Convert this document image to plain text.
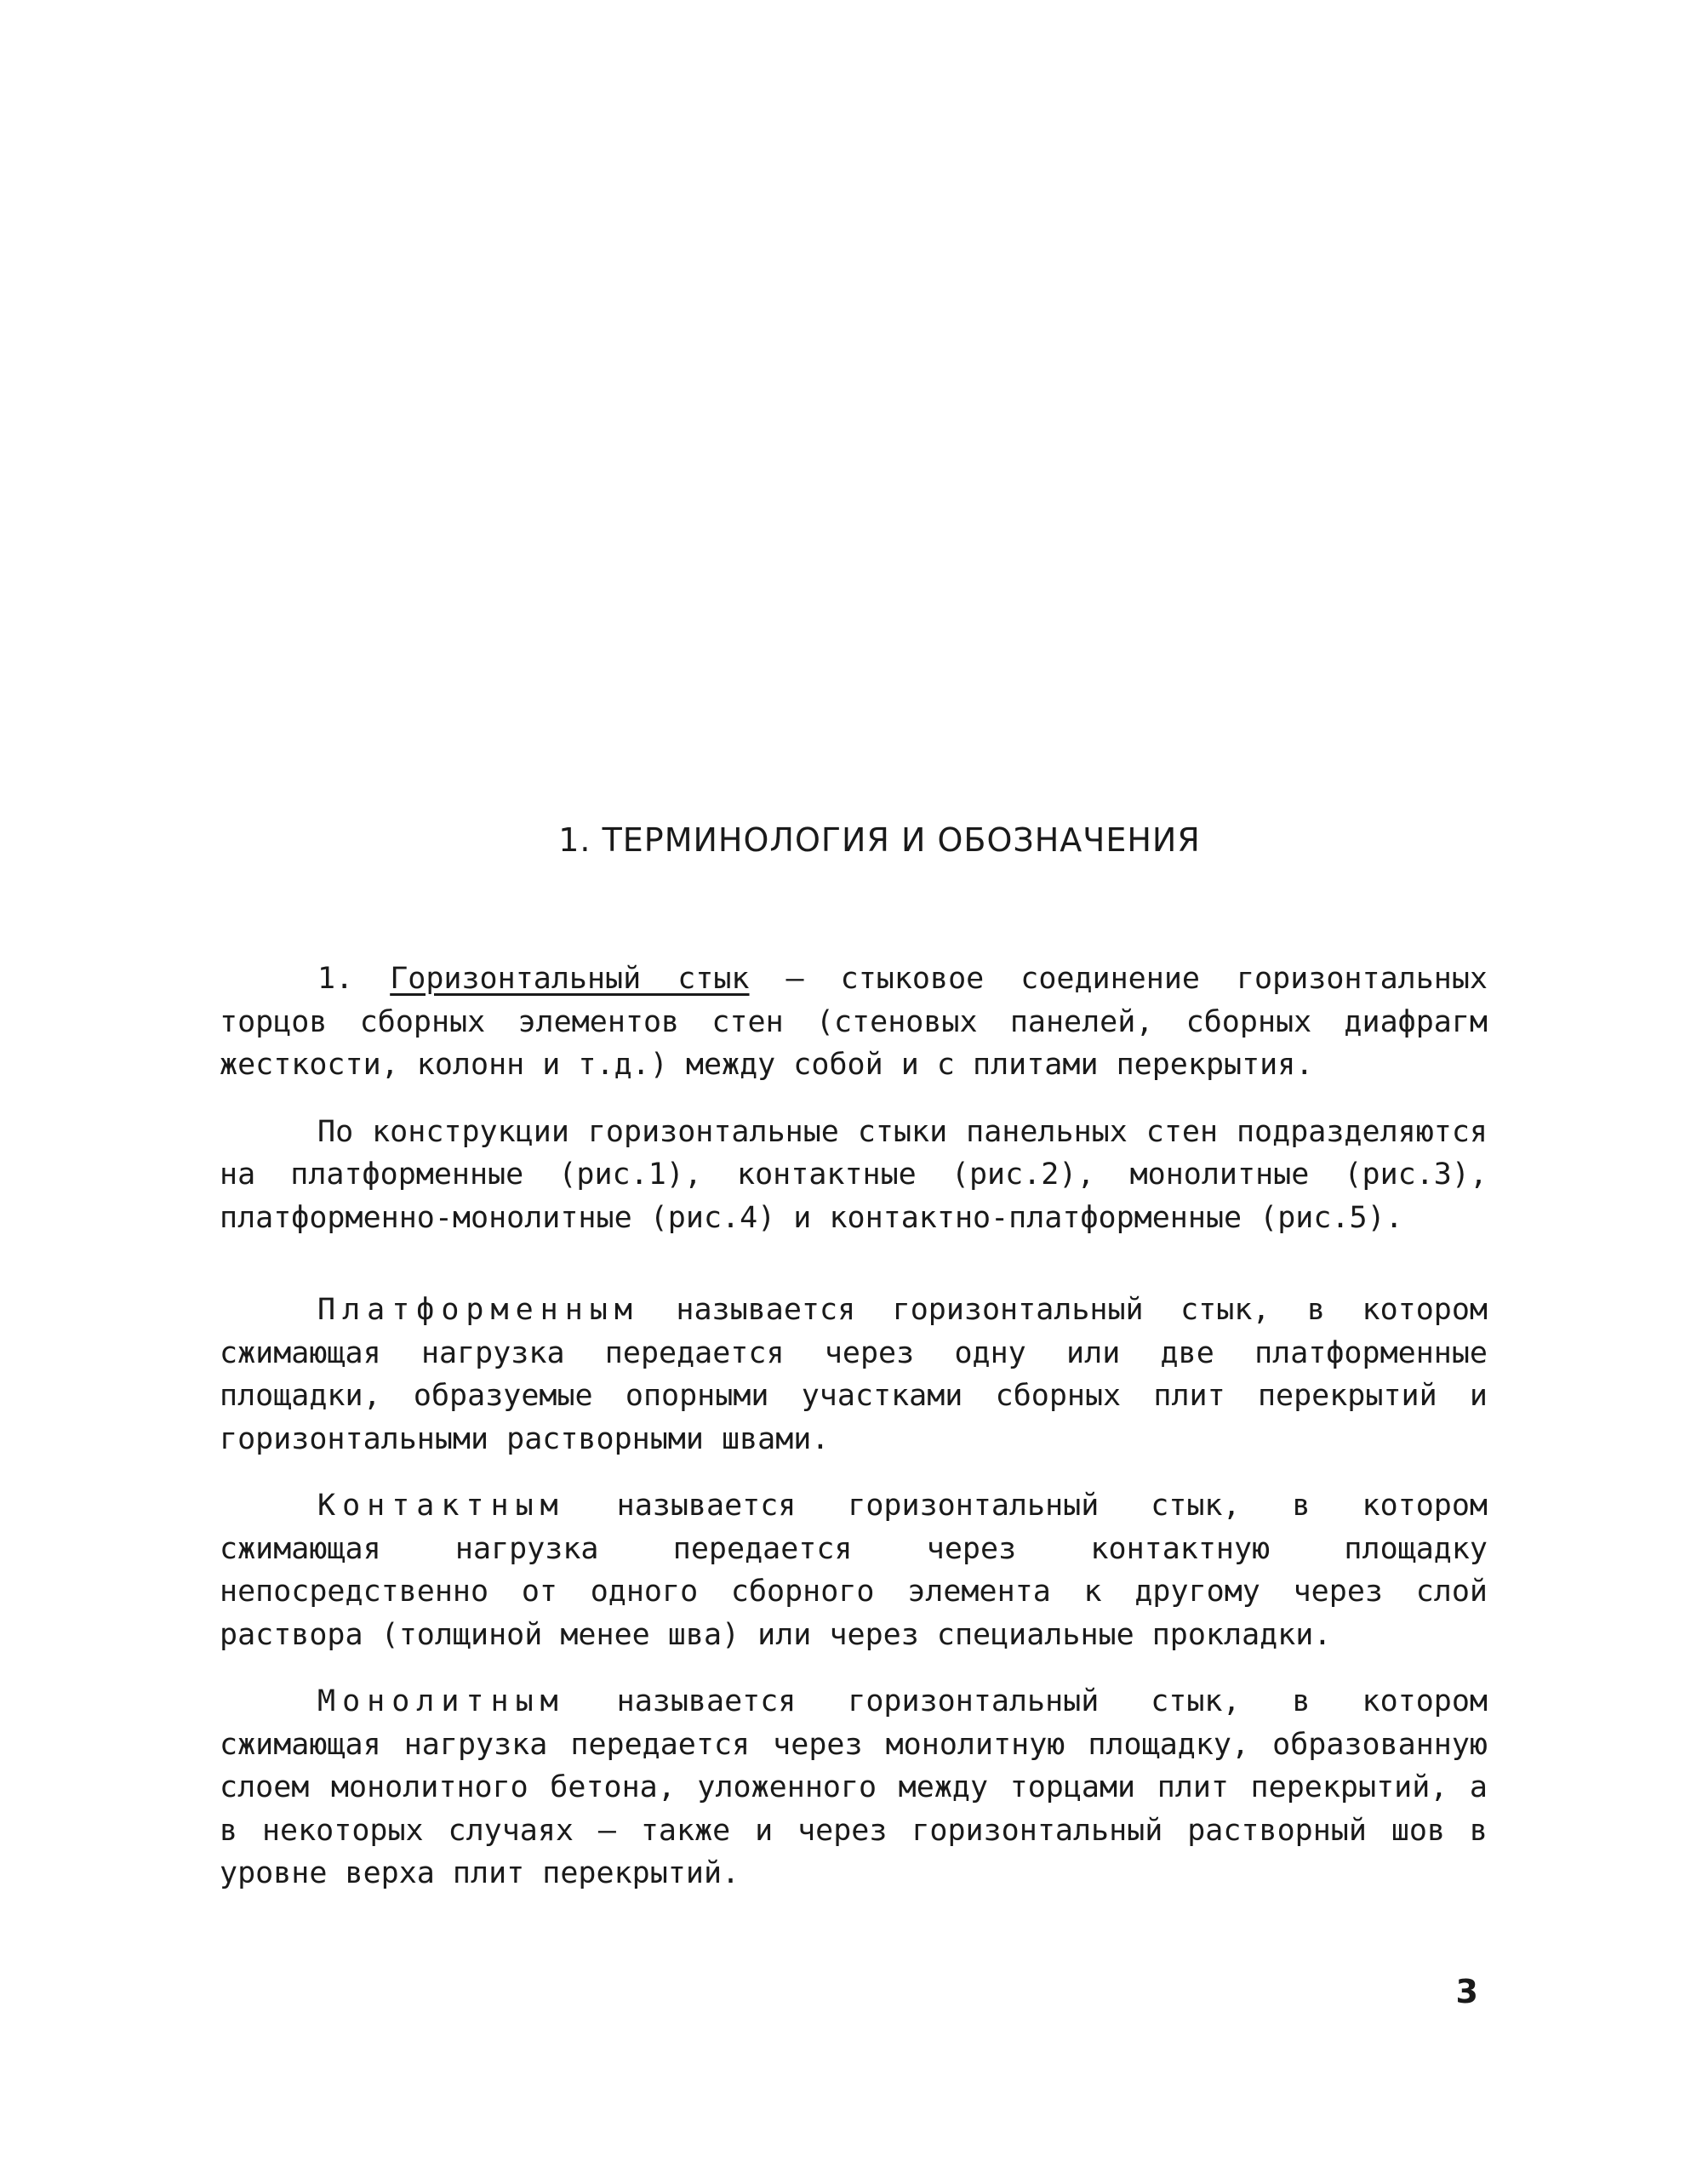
1. ТЕРМИНОЛОГИЯ И ОБОЗНАЧЕНИЯ

1. Горизонтальный стык – стыковое соединение горизонтальных торцов сборных элементов стен (стеновых панелей, сборных диафрагм жесткости, колонн и т.д.) между собой и с плитами перекрытия.

По конструкции горизонтальные стыки панельных стен подразделяются на платформенные (рис.1), контактные (рис.2), монолитные (рис.3), платформенно-монолитные (рис.4) и контактно-платформенные (рис.5).

Платформенным называется горизонтальный стык, в котором сжимающая нагрузка передается через одну или две платформенные площадки, образуемые опорными участками сборных плит перекрытий и горизонтальными растворными швами.

Контактным называется горизонтальный стык, в котором сжимающая нагрузка передается через контактную площадку непосредственно от одного сборного элемента к другому через слой раствора (толщиной менее шва) или через специальные прокладки.

Монолитным называется горизонтальный стык, в котором сжимающая нагрузка передается через монолитную площадку, образованную слоем монолитного бетона, уложенного между торцами плит перекрытий, а в некоторых случаях – также и через горизонтальный растворный шов в уровне верха плит перекрытий.

3
